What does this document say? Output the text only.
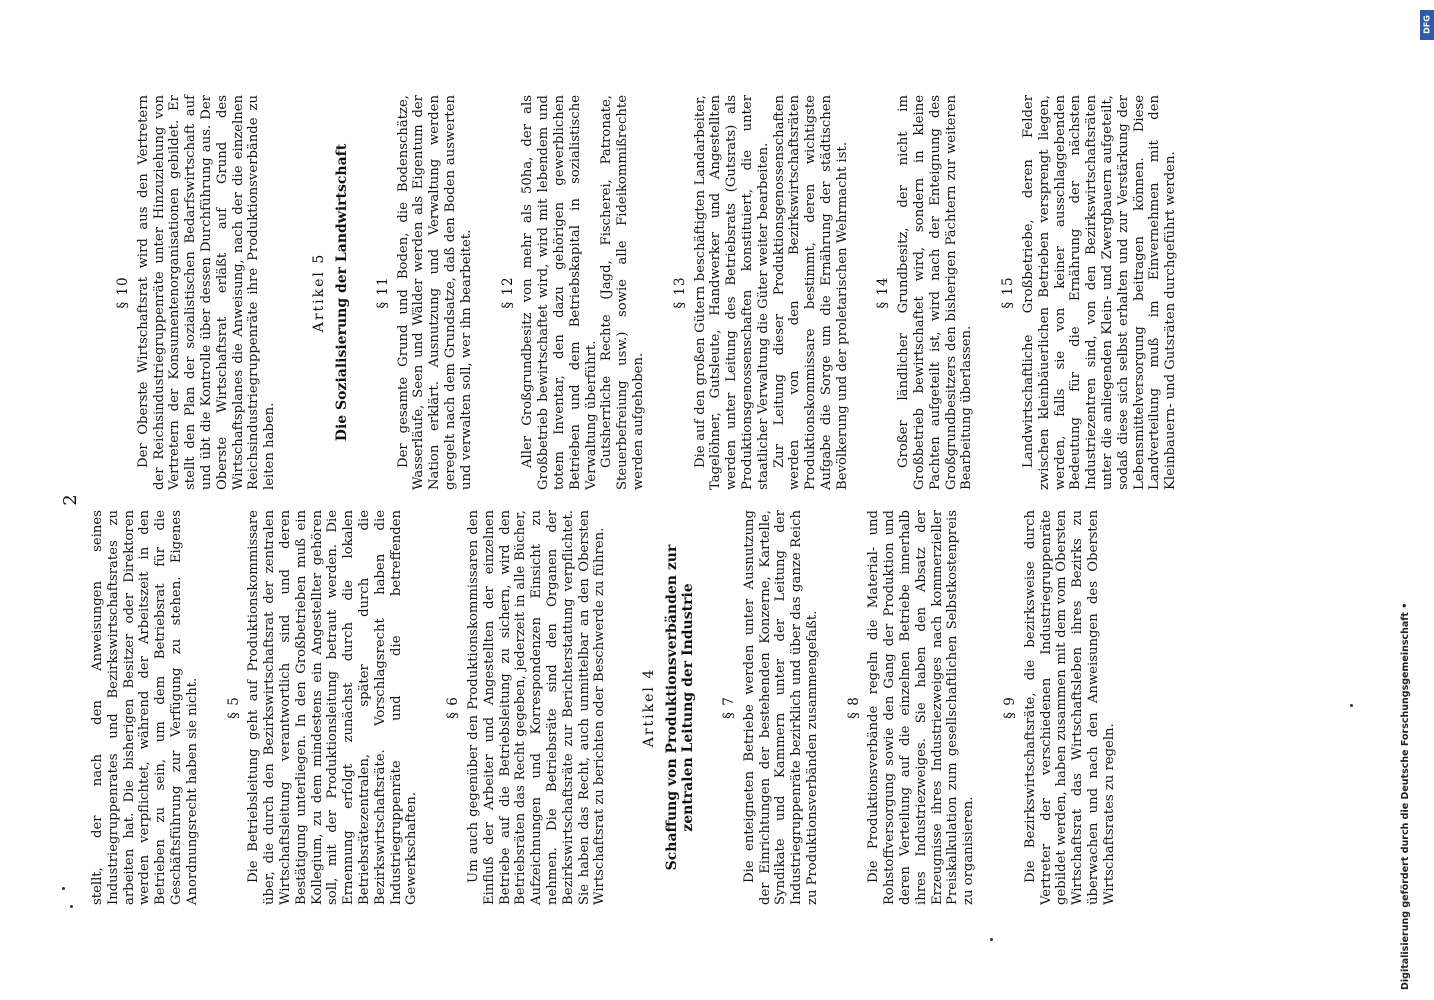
2
stellt, der nach den Anweisungen seines Industriegruppenrates und Bezirkswirtschaftsrates zu arbeiten hat. Die bisherigen Besitzer oder Direktoren werden verpflichtet, während der Arbeitszeit in den Betrieben zu sein, um dem Betriebsrat für die Geschäftsführung zur Verfügung zu stehen. Eigenes Anordnungsrecht haben sie nicht. § 5 Die Betriebsleitung geht auf Produktionskommissare über, die durch den Bezirkswirtschaftsrat der zentralen Wirtschaftsleitung verantwortlich sind und deren Bestätigung unterliegen. In den Großbetrieben muß ein Kollegium, zu dem mindestens ein Angestellter gehören soll, mit der Produktionsleitung betraut werden. Die Ernennung erfolgt zunächst durch die lokalen Betriebsrätezentralen, später durch die Bezirkswirtschaftsräte. Vorschlagsrecht haben die Industriegruppenräte und die betreffenden Gewerkschaften.
§ 6 Um auch gegenüber den Produktionskommissaren den Einfluß der Arbeiter und Angestellten der einzelnen Betriebe auf die Betriebsleitung zu sichern, wird den Betriebsräten das Recht gegeben, jederzeit in alle Bücher, Aufzeichnungen und Korrespondenzen Einsicht zu nehmen. Die Betriebsräte sind den Organen der Bezirkswirtschaftsräte zur Berichterstattung verpflichtet. Sie haben das Recht, auch unmittelbar an den Obersten Wirtschaftsrat zu berichten oder Beschwerde zu führen. Artikel 4 Schaffung von Produktionsverbänden zur zentralen Leitung der Industrie § 7 Die enteigneten Betriebe werden unter Ausnutzung der Einrichtungen der bestehenden Konzerne, Kartelle, Syndikate und Kammern unter der Leitung der Industriegruppenräte bezirklich und über das ganze Reich zu Produktionsverbänden zusammengefaßt. § 8 Die Produktionsverbände regeln die Material- und Rohstoffversorgung sowie den Gang der Produktion und deren Verteilung auf die einzelnen Betriebe innerhalb ihres Industriezweiges. Sie haben den Absatz der Erzeugnisse ihres Industriezweiges nach kommerzieller Preiskalkulation zum gesellschaftlichen Selbstkostenpreis zu organisieren.
§ 9 Die Bezirkswirtschaftsräte, die bezirksweise durch Vertreter der verschiedenen Industriegruppenräte gebildet werden, haben zusammen mit dem vom Obersten Wirtschaftsrat das Wirtschaftsleben ihres Bezirks zu überwachen und nach den Anweisungen des Obersten Wirtschaftsrates zu regeln.
§ 10 Der Oberste Wirtschaftsrat wird aus den Vertretern der Reichsindustriegruppenräte unter Hinzuziehung von Vertretern der Konsumentenorganisationen gebildet. Er stellt den Plan der sozialistischen Bedarfswirtschaft auf und übt die Kontrolle über dessen Durchführung aus. Der Oberste Wirtschaftsrat erläßt auf Grund des Wirtschaftsplanes die Anweisung, nach der die einzelnen Reichsindustriegruppenräte ihre Produktionsverbände zu leiten haben.
Artikel 5 Die Sozialisierung der Landwirtschaft § 11 Der gesamte Grund und Boden, die Bodenschätze, Wasserläufe, Seen und Wälder werden als Eigentum der Nation erklärt. Ausnutzung und Verwaltung werden geregelt nach dem Grundsatze, daß den Boden auswerten und verwalten soll, wer ihn bearbeitet. § 12 Aller Großgrundbesitz von mehr als 50ha, der als Großbetrieb bewirtschaftet wird, wird mit lebendem und totem Inventar, den dazu gehörigen gewerblichen Betrieben und dem Betriebskapital in sozialistische Verwaltung überführt. Gutsherrliche Rechte (Jagd, Fischerei, Patronate, Steuerbefreiung usw.) sowie alle Fideikommißrechte werden aufgehoben.
§ 13 Die auf den großen Gütern beschäftigten Landarbeiter, Tagelöhner, Gutsleute, Handwerker und Angestellten werden unter Leitung des Betriebsrats (Gutsrats) als Produktionsgenossenschaften konstituiert, die unter staatlicher Verwaltung die Güter weiter bearbeiten. Zur Leitung dieser Produktionsgenossenschaften werden von den Bezirkswirtschaftsräten Produktionskommissare bestimmt, deren wichtigste Aufgabe die Sorge um die Ernährung der städtischen Bevölkerung und der proletarischen Wehrmacht ist. § 14 Großer ländlicher Grundbesitz, der nicht im Großbetrieb bewirtschaftet wird, sondern in kleine Pachten aufgeteilt ist, wird nach der Enteignung des Großgrundbesitzers den bisherigen Pächtern zur weiteren Bearbeitung überlassen.
§ 15 Landwirtschaftliche Großbetriebe, deren Felder zwischen kleinbäuerlichen Betrieben versprengt liegen, werden, falls sie von keiner ausschlaggebenden Bedeutung für die Ernährung der nächsten Industriezentren sind, von den Bezirkswirtschaftsräten unter die anliegenden Klein- und Zwergbauern aufgeteilt, sodaß diese sich selbst erhalten und zur Verstärkung der Lebensmittelversorgung beitragen können. Diese Landverteilung muß im Einvernehmen mit den Kleinbauern- und Gutsräten durchgeführt werden.
Digitalisierung gefördert durch die Deutsche Forschungsgemeinschaft •
DFG
